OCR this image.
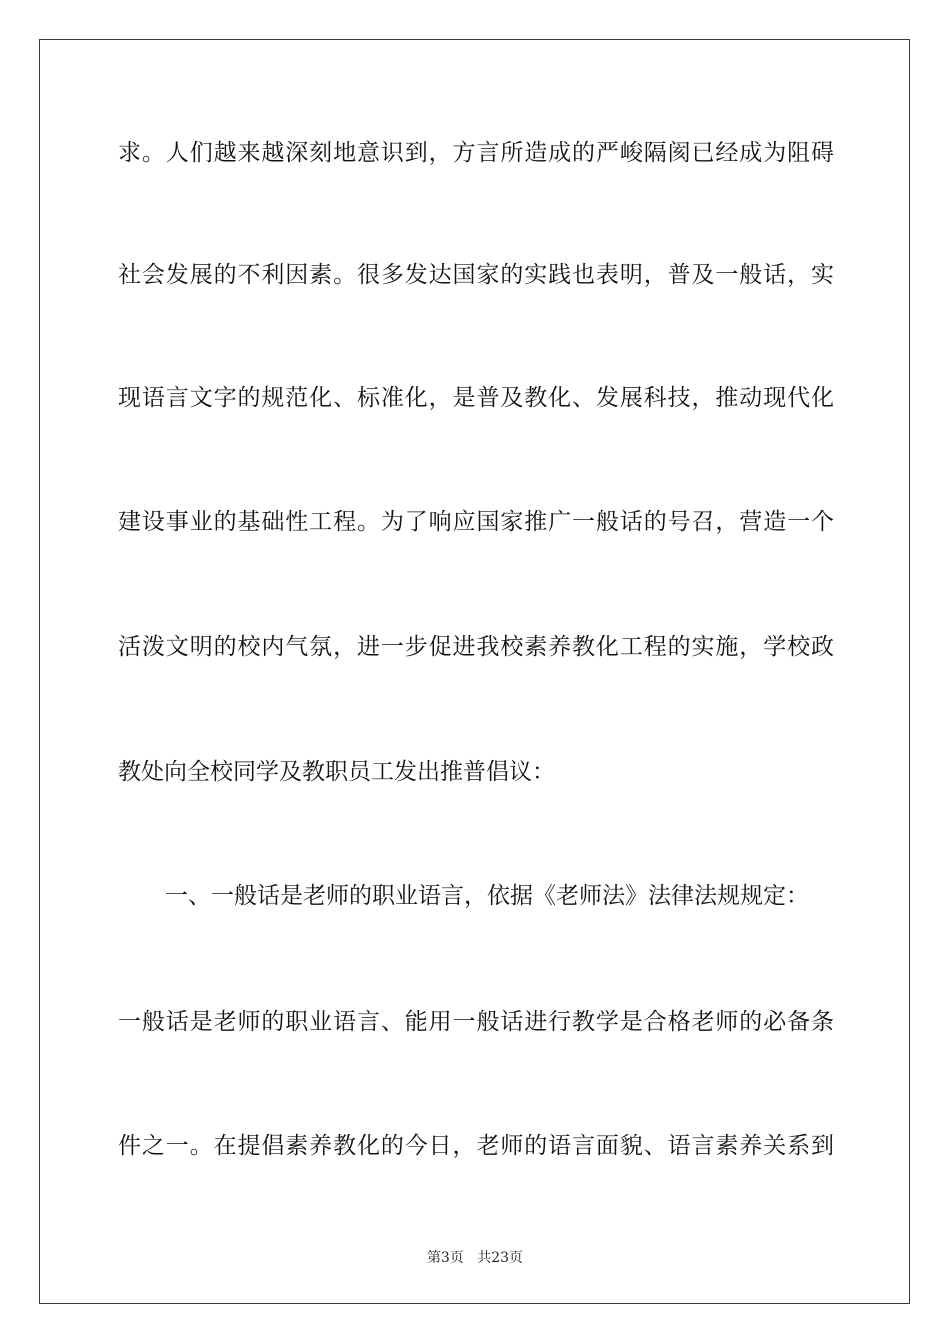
求。人们越来越深刻地意识到，方言所造成的严峻隔阂已经成为阻碍
社会发展的不利因素。很多发达国家的实践也表明，普及一般话，实
现语言文字的规范化、标准化，是普及教化、发展科技，推动现代化
建设事业的基础性工程。为了响应国家推广一般话的号召，营造一个
活泼文明的校内气氛，进一步促进我校素养教化工程的实施，学校政
教处向全校同学及教职员工发出推普倡议：
一、一般话是老师的职业语言，依据《老师法》法律法规规定：
一般话是老师的职业语言、能用一般话进行教学是合格老师的必备条
件之一。在提倡素养教化的今日，老师的语言面貌、语言素养关系到
第3页 共23页
